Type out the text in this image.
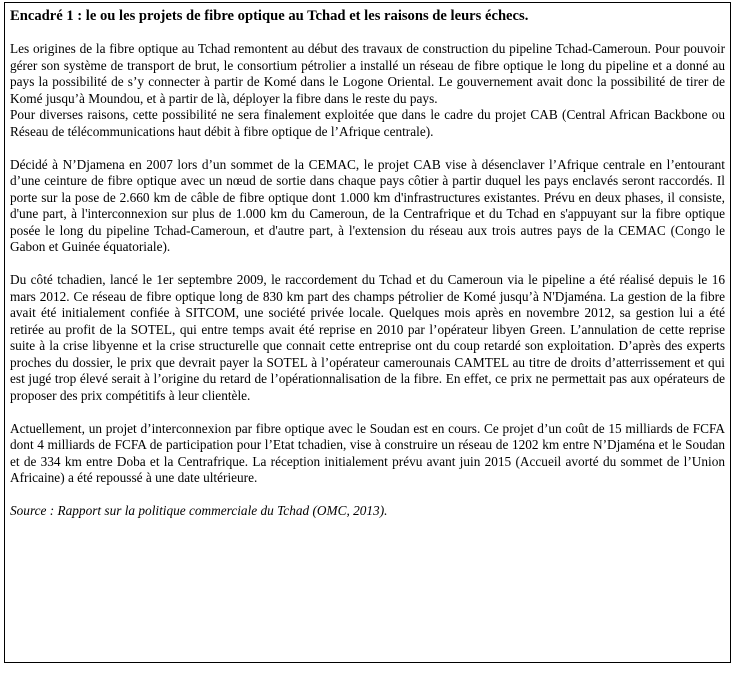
Encadré 1 : le ou les projets de fibre optique au Tchad et les raisons de leurs échecs.
Les origines de la fibre optique au Tchad remontent au début des travaux de construction du pipeline Tchad-Cameroun. Pour pouvoir gérer son système de transport de brut, le consortium pétrolier a installé un réseau de fibre optique le long du pipeline et a donné au pays la possibilité de s’y connecter à partir de Komé dans le Logone Oriental. Le gouvernement avait donc la possibilité de tirer de Komé jusqu’à Moundou, et à partir de là, déployer la fibre dans le reste du pays.
Pour diverses raisons, cette possibilité ne sera finalement exploitée que dans le cadre du projet CAB (Central African Backbone ou Réseau de télécommunications haut débit à fibre optique de l’Afrique centrale).
Décidé à N’Djamena en 2007 lors d’un sommet de la CEMAC, le projet CAB vise à désenclaver l’Afrique centrale en l’entourant d’une ceinture de fibre optique avec un nœud de sortie dans chaque pays côtier à partir duquel les pays enclavés seront raccordés. Il porte sur la pose de 2.660 km de câble de fibre optique dont 1.000 km d'infrastructures existantes. Prévu en deux phases, il consiste, d'une part, à l'interconnexion sur plus de 1.000 km du Cameroun, de la Centrafrique et du Tchad en s'appuyant sur la fibre optique posée le long du pipeline Tchad-Cameroun, et d'autre part, à l'extension du réseau aux trois autres pays de la CEMAC (Congo le Gabon et Guinée équatoriale).
Du côté tchadien, lancé le 1er septembre 2009, le raccordement du Tchad et du Cameroun via le pipeline a été réalisé depuis le 16 mars 2012. Ce réseau de fibre optique long de 830 km part des champs pétrolier de Komé jusqu’à N'Djaména. La gestion de la fibre avait été initialement confiée à SITCOM, une société privée locale. Quelques mois après en novembre 2012, sa gestion lui a été retirée au profit de la SOTEL, qui entre temps avait été reprise en 2010 par l’opérateur libyen Green. L’annulation de cette reprise suite à la crise libyenne et la crise structurelle que connait cette entreprise ont du coup retardé son exploitation. D’après des experts proches du dossier, le prix que devrait payer la SOTEL à l’opérateur camerounais CAMTEL au titre de droits d’atterrissement et qui est jugé trop élevé serait à l’origine du retard de l’opérationnalisation de la fibre. En effet, ce prix ne permettait pas aux opérateurs de proposer des prix compétitifs à leur clientèle.
Actuellement, un projet d’interconnexion par fibre optique avec le Soudan est en cours. Ce projet d’un coût de 15 milliards de FCFA dont 4 milliards de FCFA de participation pour l’Etat tchadien, vise à construire un réseau de 1202 km entre N’Djaména et le Soudan et de 334 km entre Doba et la Centrafrique. La réception initialement prévu avant juin 2015 (Accueil avorté du sommet de l’Union Africaine) a été repoussé à une date ultérieure.
Source : Rapport sur la politique commerciale du Tchad (OMC, 2013).
